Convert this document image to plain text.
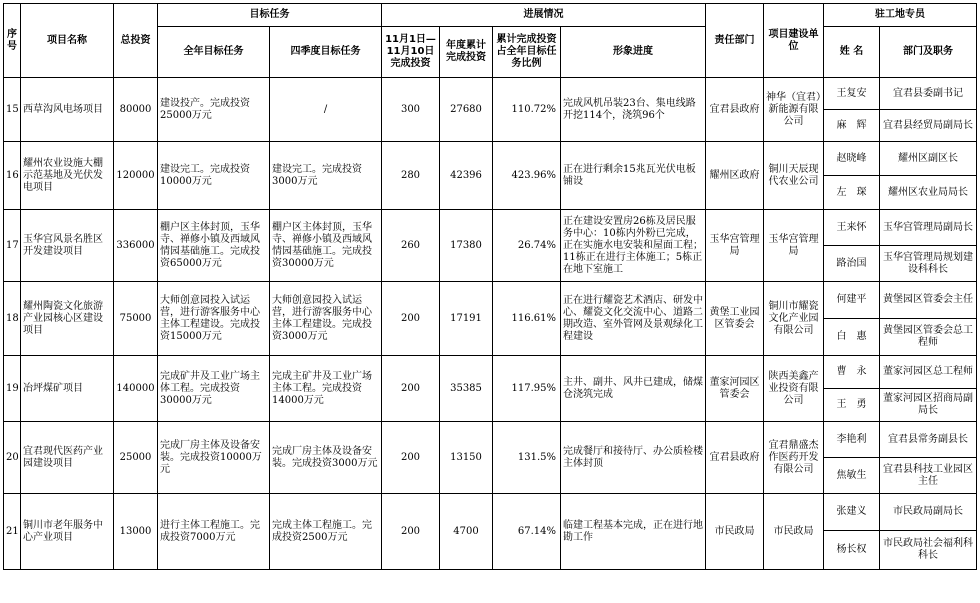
序号	项目名称	总投资	目标任务		进展情况				责任部门	项目建设单位	驻工地专员	
			全年目标任务	四季度目标任务	11月1日—11月10日完成投资	年度累计完成投资	累计完成投资占全年目标任务比例	形象进度			姓 名	部门及职务
15	西草沟风电场项目	80000	建设投产。完成投资25000万元	/	300	27680	110.72%	完成风机吊装23台、集电线路开挖114个，浇筑96个	宜君县政府	神华（宜君）新能源有限公司	王复安	宜君县委副书记
											麻　辉	宜君县经贸局副局长
16	耀州农业设施大棚示范基地及光伏发电项目	120000	建设完工。完成投资10000万元	建设完工。完成投资3000万元	280	42396	423.96%	正在进行剩余15兆瓦光伏电板铺设	耀州区政府	铜川天辰现代农业公司	赵晓峰	耀州区副区长
											左　琛	耀州区农业局局长
17	玉华宫风景名胜区开发建设项目	336000	棚户区主体封顶，玉华寺、禅修小镇及西域风情园基础施工。完成投资65000万元	棚户区主体封顶，玉华寺、禅修小镇及西域风情园基础施工。完成投资30000万元	260	17380	26.74%	正在建设安置房26栋及居民服务中心：10栋内外粉已完成，正在实施水电安装和屋面工程；11栋正在进行主体施工；5栋正在地下室施工	玉华宫管理局	玉华宫管理局	王来怀	玉华宫管理局副局长
											路治国	玉华宫管理局规划建设科科长
18	耀州陶瓷文化旅游产业园核心区建设项目	75000	大师创意园投入试运营，进行游客服务中心主体工程建设。完成投资15000万元	大师创意园投入试运营，进行游客服务中心主体工程建设。完成投资3000万元	200	17191	116.61%	正在进行耀瓷艺术酒店、研发中心、耀瓷文化交流中心、道路二期改造、室外管网及景观绿化工程建设	黄堡工业园区管委会	铜川市耀瓷文化产业园有限公司	何建平	黄堡园区管委会主任
											白　惠	黄堡园区管委会总工程师
19	冶坪煤矿项目	140000	完成矿井及工业广场主体工程。完成投资30000万元	完成主矿井及工业广场主体工程。完成投资14000万元	200	35385	117.95%	主井、副井、风井已建成，储煤仓浇筑完成	董家河园区管委会	陕西美鑫产业投资有限公司	曹　永	董家河园区总工程师
											王　勇	董家河园区招商局副局长
20	宜君现代医药产业园建设项目	25000	完成厂房主体及设备安装。完成投资10000万元	完成厂房主体及设备安装。完成投资3000万元	200	13150	131.5%	完成餐厅和接待厅、办公质检楼主体封顶	宜君县政府	宜君鼎盛杰作医药开发有限公司	李艳利	宜君县常务副县长
											焦敏生	宜君县科技工业园区主任
21	铜川市老年服务中心产业项目	13000	进行主体工程施工。完成投资7000万元	完成主体工程施工。完成投资2500万元	200	4700	67.14%	临建工程基本完成，正在进行地勘工作	市民政局	市民政局	张建义	市民政局副局长
											杨长权	市民政局社会福利科科长
